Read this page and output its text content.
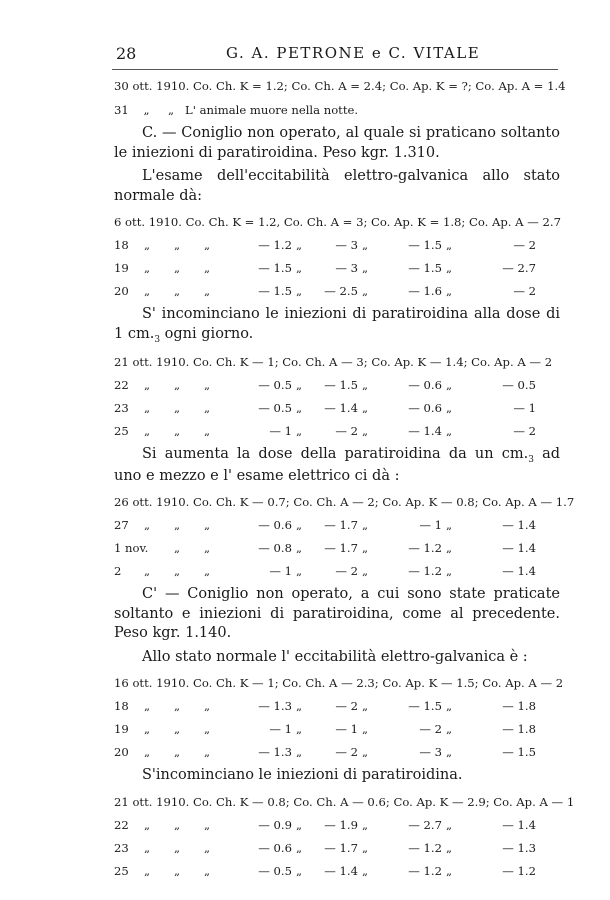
28	G. A. PETRONE e C. VITALE
30 ott. 1910. Co. Ch. K = 1.2; Co. Ch. A = 2.4; Co. Ap. K = ?; Co. Ap. A = 1.4
31 „ „ L' animale muore nella notte.

C. — Coniglio non operato, al quale si praticano soltanto le iniezioni di paratiroidina. Peso kgr. 1.310.

L'esame dell'eccitabilità elettro-galvanica allo stato normale dà:

6 ott. 1910. Co. Ch. K = 1.2, Co. Ch. A = 3; Co. Ap. K = 1.8; Co. Ap. A — 2.7
18	„	„	„	— 1.2 „	— 3 „	— 1.5 „	— 2
19	„	„	„	— 1.5 „	— 3 „	— 1.5 „	— 2.7
20	„	„	„	— 1.5 „	— 2.5 „	— 1.6 „	— 2

S' incominciano le iniezioni di paratiroidina alla dose di 1 $cm._3$ ogni giorno.

21 ott. 1910. Co. Ch. K — 1; Co. Ch. A — 3; Co. Ap. K — 1.4; Co. Ap. A — 2
22	„	„	„	— 0.5 „	— 1.5 „	— 0.6 „	— 0.5
23	„	„	„	— 0.5 „	— 1.4 „	— 0.6 „	— 1
25	„	„	„	— 1 „	— 2 „	— 1.4 „	— 2

Si aumenta la dose della paratiroidina da un $cm._3$ ad uno e mezzo e l' esame elettrico ci dà :

26 ott. 1910. Co. Ch. K — 0.7; Co. Ch. A — 2; Co. Ap. K — 0.8; Co. Ap. A — 1.7
27	„	„	„	— 0.6 „	— 1.7 „	— 1 „	— 1.4
1 nov. „	„	— 0.8 „	— 1.7 „	— 1.2 „	— 1.4
2	„	„	„	— 1 „	— 2 „	— 1.2 „	— 1.4

C' — Coniglio non operato, a cui sono state praticate soltanto e iniezioni di paratiroidina, come al precedente. Peso kgr. 1.140.

Allo stato normale l' eccitabilità elettro-galvanica è :

16 ott. 1910. Co. Ch. K — 1; Co. Ch. A — 2.3; Co. Ap. K — 1.5; Co. Ap. A — 2
18	„	„	„	— 1.3 „	— 2 „	— 1.5 „	— 1.8
19	„	„	„	— 1 „	— 1 „	— 2 „	— 1.8
20	„	„	„	— 1.3 „	— 2 „	— 3 „	— 1.5

S'incominciano le iniezioni di paratiroidina.

21 ott. 1910. Co. Ch. K — 0.8; Co. Ch. A — 0.6; Co. Ap. K — 2.9; Co. Ap. A — 1
22	„	„	„	— 0.9 „	— 1.9 „	— 2.7 „	— 1.4
23	„	„	„	— 0.6 „	— 1.7 „	— 1.2 „	— 1.3
25	„	„	„	— 0.5 „	— 1.4 „	— 1.2 „	— 1.2
